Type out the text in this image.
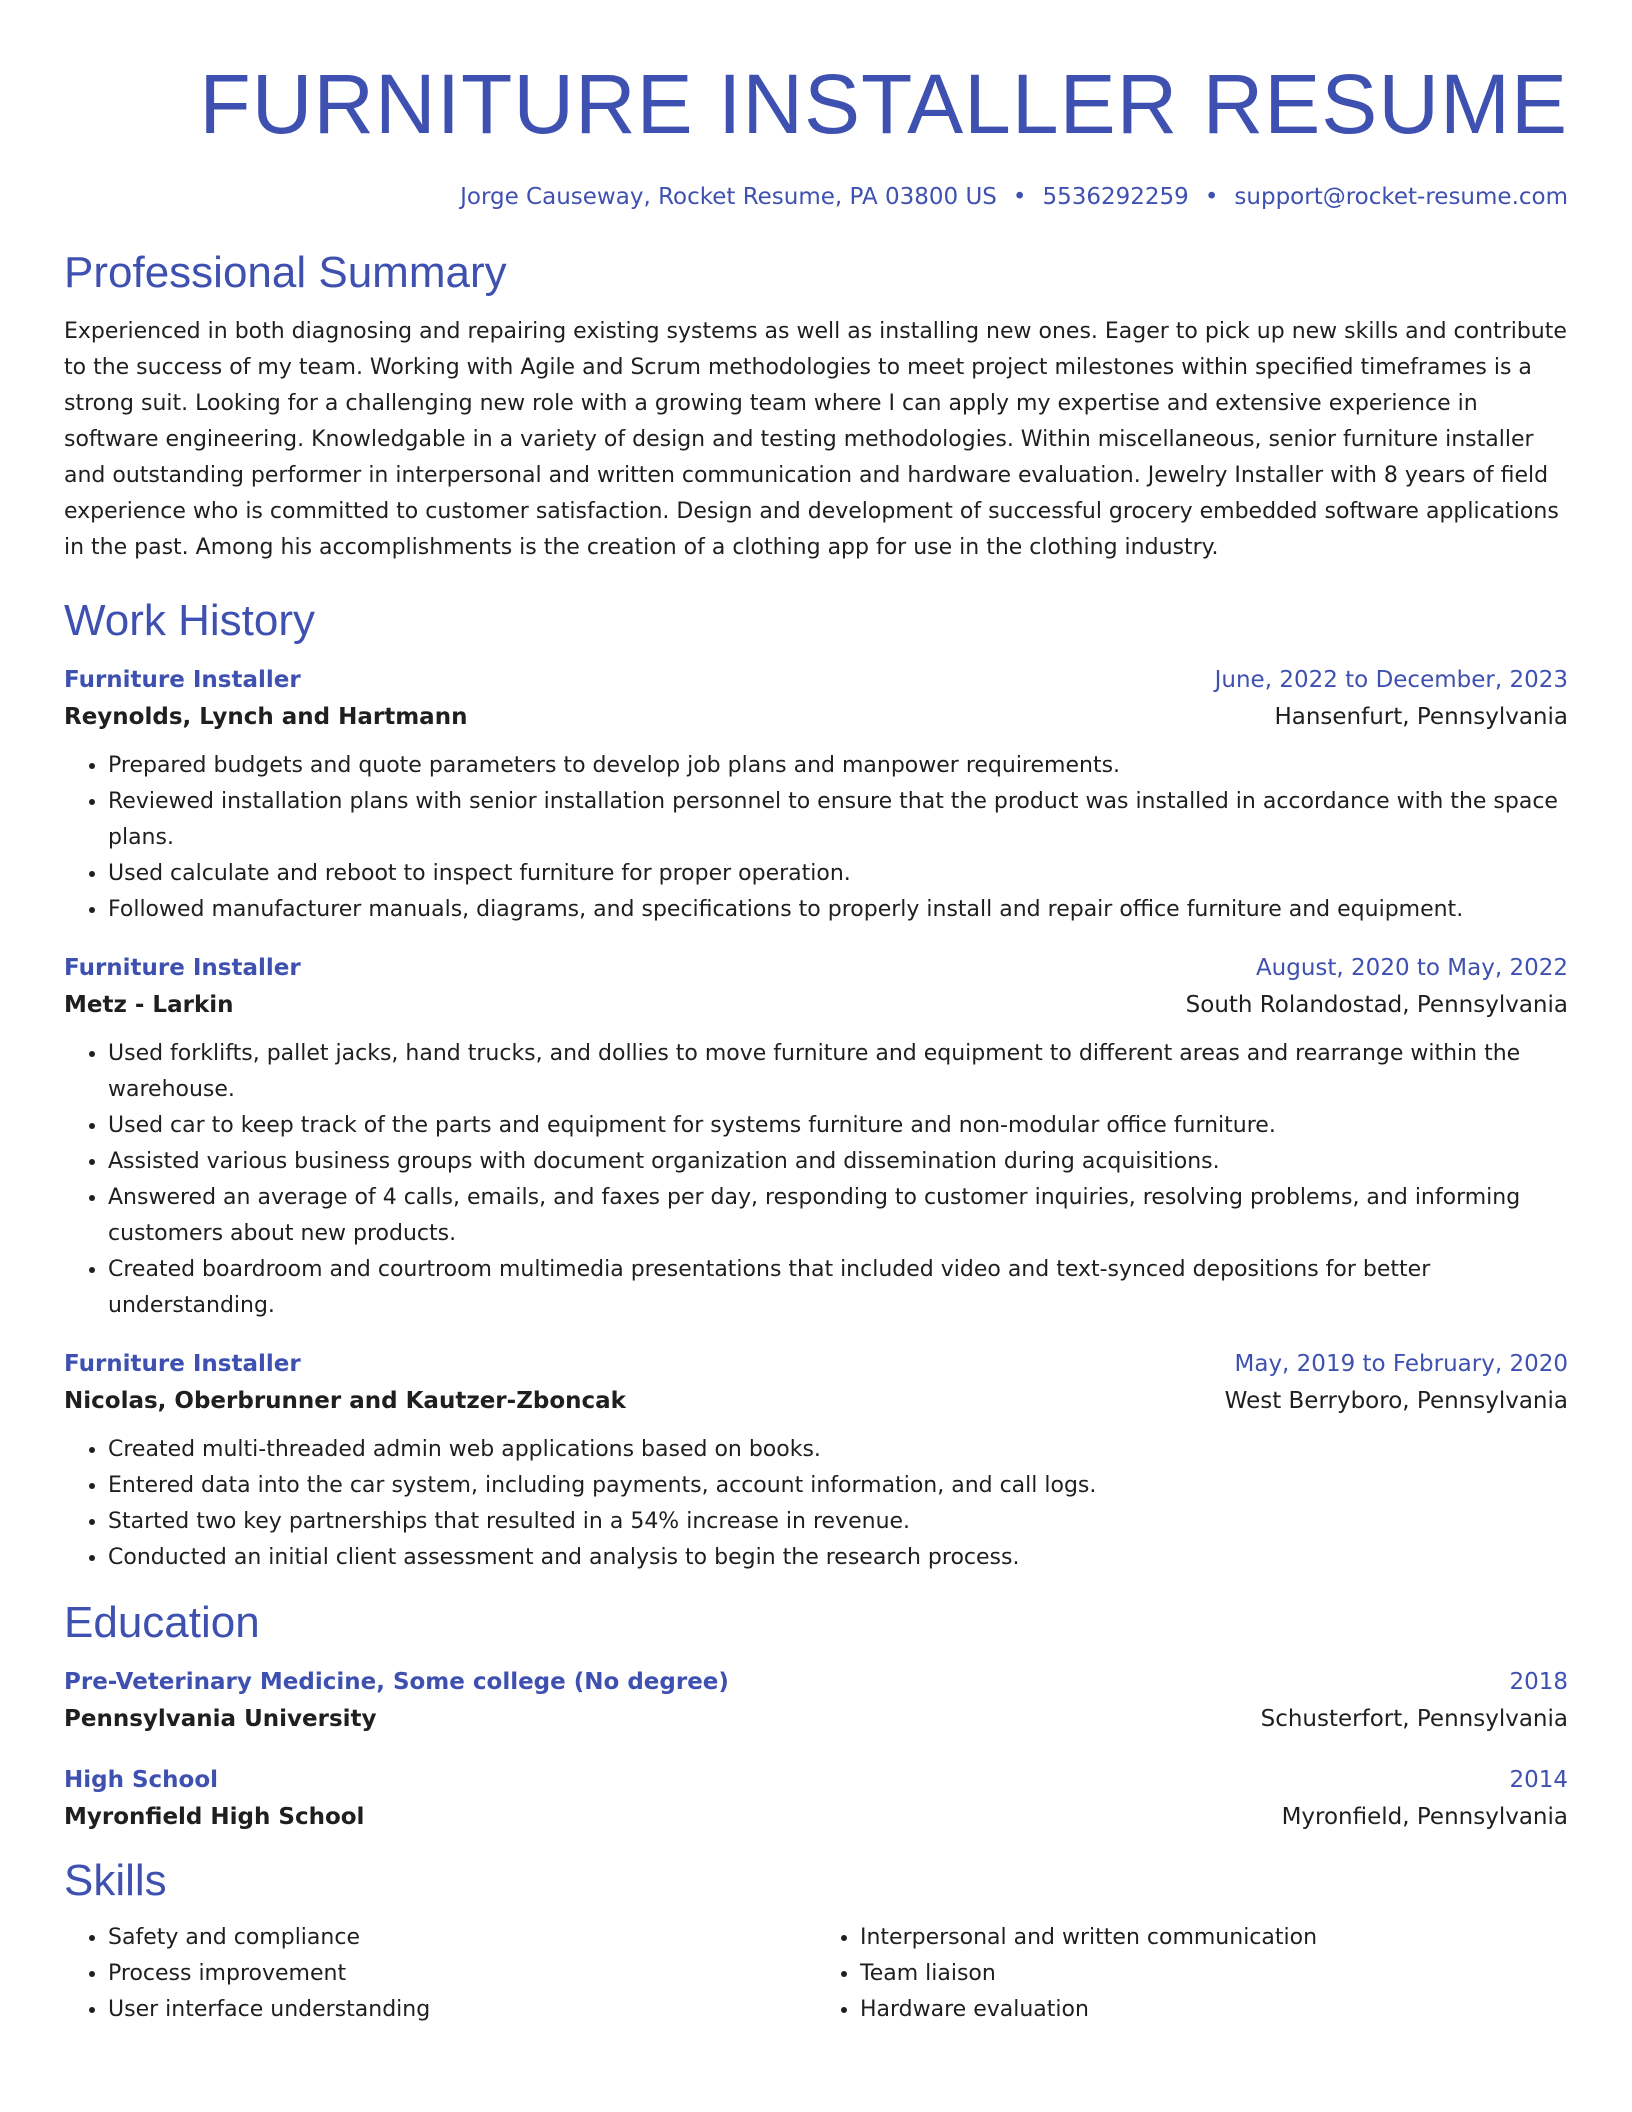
FURNITURE INSTALLER RESUME
Jorge Causeway, Rocket Resume, PA 03800 US • 5536292259 • support@rocket-resume.com
Professional Summary

Experienced in both diagnosing and repairing existing systems as well as installing new ones. Eager to pick up new skills and contribute to the success of my team. Working with Agile and Scrum methodologies to meet project milestones within specified timeframes is a strong suit. Looking for a challenging new role with a growing team where I can apply my expertise and extensive experience in software engineering. Knowledgable in a variety of design and testing methodologies. Within miscellaneous, senior furniture installer and outstanding performer in interpersonal and written communication and hardware evaluation. Jewelry Installer with 8 years of field experience who is committed to customer satisfaction. Design and development of successful grocery embedded software applications in the past. Among his accomplishments is the creation of a clothing app for use in the clothing industry.

Work History
Furniture Installer	June, 2022 to December, 2023
Reynolds, Lynch and Hartmann	Hansenfurt, Pennsylvania
• Prepared budgets and quote parameters to develop job plans and manpower requirements.
• Reviewed installation plans with senior installation personnel to ensure that the product was installed in accordance with the space plans.
• Used calculate and reboot to inspect furniture for proper operation.
• Followed manufacturer manuals, diagrams, and specifications to properly install and repair office furniture and equipment.
Furniture Installer	August, 2020 to May, 2022
Metz - Larkin	South Rolandostad, Pennsylvania
• Used forklifts, pallet jacks, hand trucks, and dollies to move furniture and equipment to different areas and rearrange within the warehouse.
• Used car to keep track of the parts and equipment for systems furniture and non-modular office furniture.
• Assisted various business groups with document organization and dissemination during acquisitions.
• Answered an average of 4 calls, emails, and faxes per day, responding to customer inquiries, resolving problems, and informing customers about new products.
• Created boardroom and courtroom multimedia presentations that included video and text-synced depositions for better understanding.
Furniture Installer	May, 2019 to February, 2020
Nicolas, Oberbrunner and Kautzer-Zboncak	West Berryboro, Pennsylvania
• Created multi-threaded admin web applications based on books.
• Entered data into the car system, including payments, account information, and call logs.
• Started two key partnerships that resulted in a 54% increase in revenue.
• Conducted an initial client assessment and analysis to begin the research process.
Education
Pre-Veterinary Medicine, Some college (No degree)	2018
Pennsylvania University	Schusterfort, Pennsylvania
High School	2014
Myronfield High School	Myronfield, Pennsylvania
Skills
• Safety and compliance
• Process improvement
• User interface understanding
• Interpersonal and written communication
• Team liaison
• Hardware evaluation
